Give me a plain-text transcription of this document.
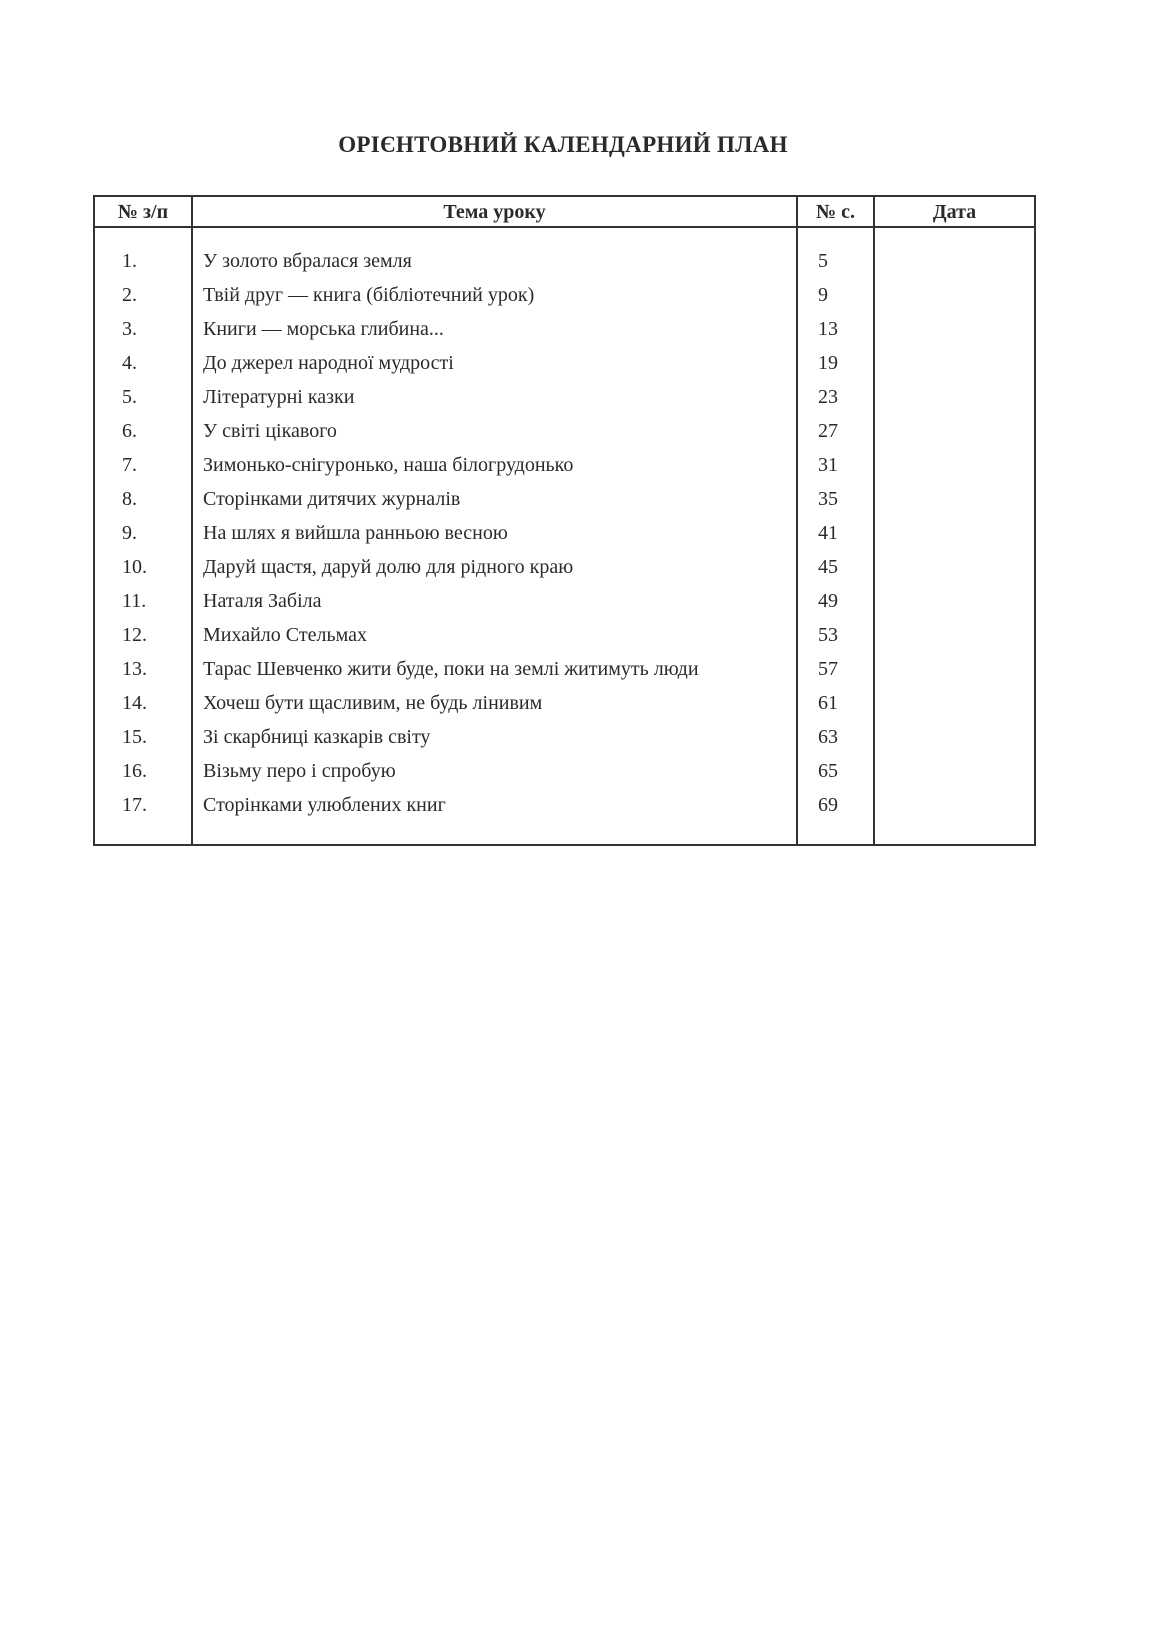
ОРІЄНТОВНИЙ КАЛЕНДАРНИЙ ПЛАН
№ з/п	Тема уроку	№ с.	Дата
1.	У золото вбралася земля	5
2.	Твій друг — книга (бібліотечний урок)	9
3.	Книги — морська глибина...	13
4.	До джерел народної мудрості	19
5.	Літературні казки	23
6.	У світі цікавого	27
7.	Зимонько-снігуронько, наша білогрудонько	31
8.	Сторінками дитячих журналів	35
9.	На шлях я вийшла ранньою весною	41
10.	Даруй щастя, даруй долю для рідного краю	45
11.	Наталя Забіла	49
12.	Михайло Стельмах	53
13.	Тарас Шевченко жити буде, поки на землі житимуть люди	57
14.	Хочеш бути щасливим, не будь лінивим	61
15.	Зі скарбниці казкарів світу	63
16.	Візьму перо і спробую	65
17.	Сторінками улюблених книг	69
